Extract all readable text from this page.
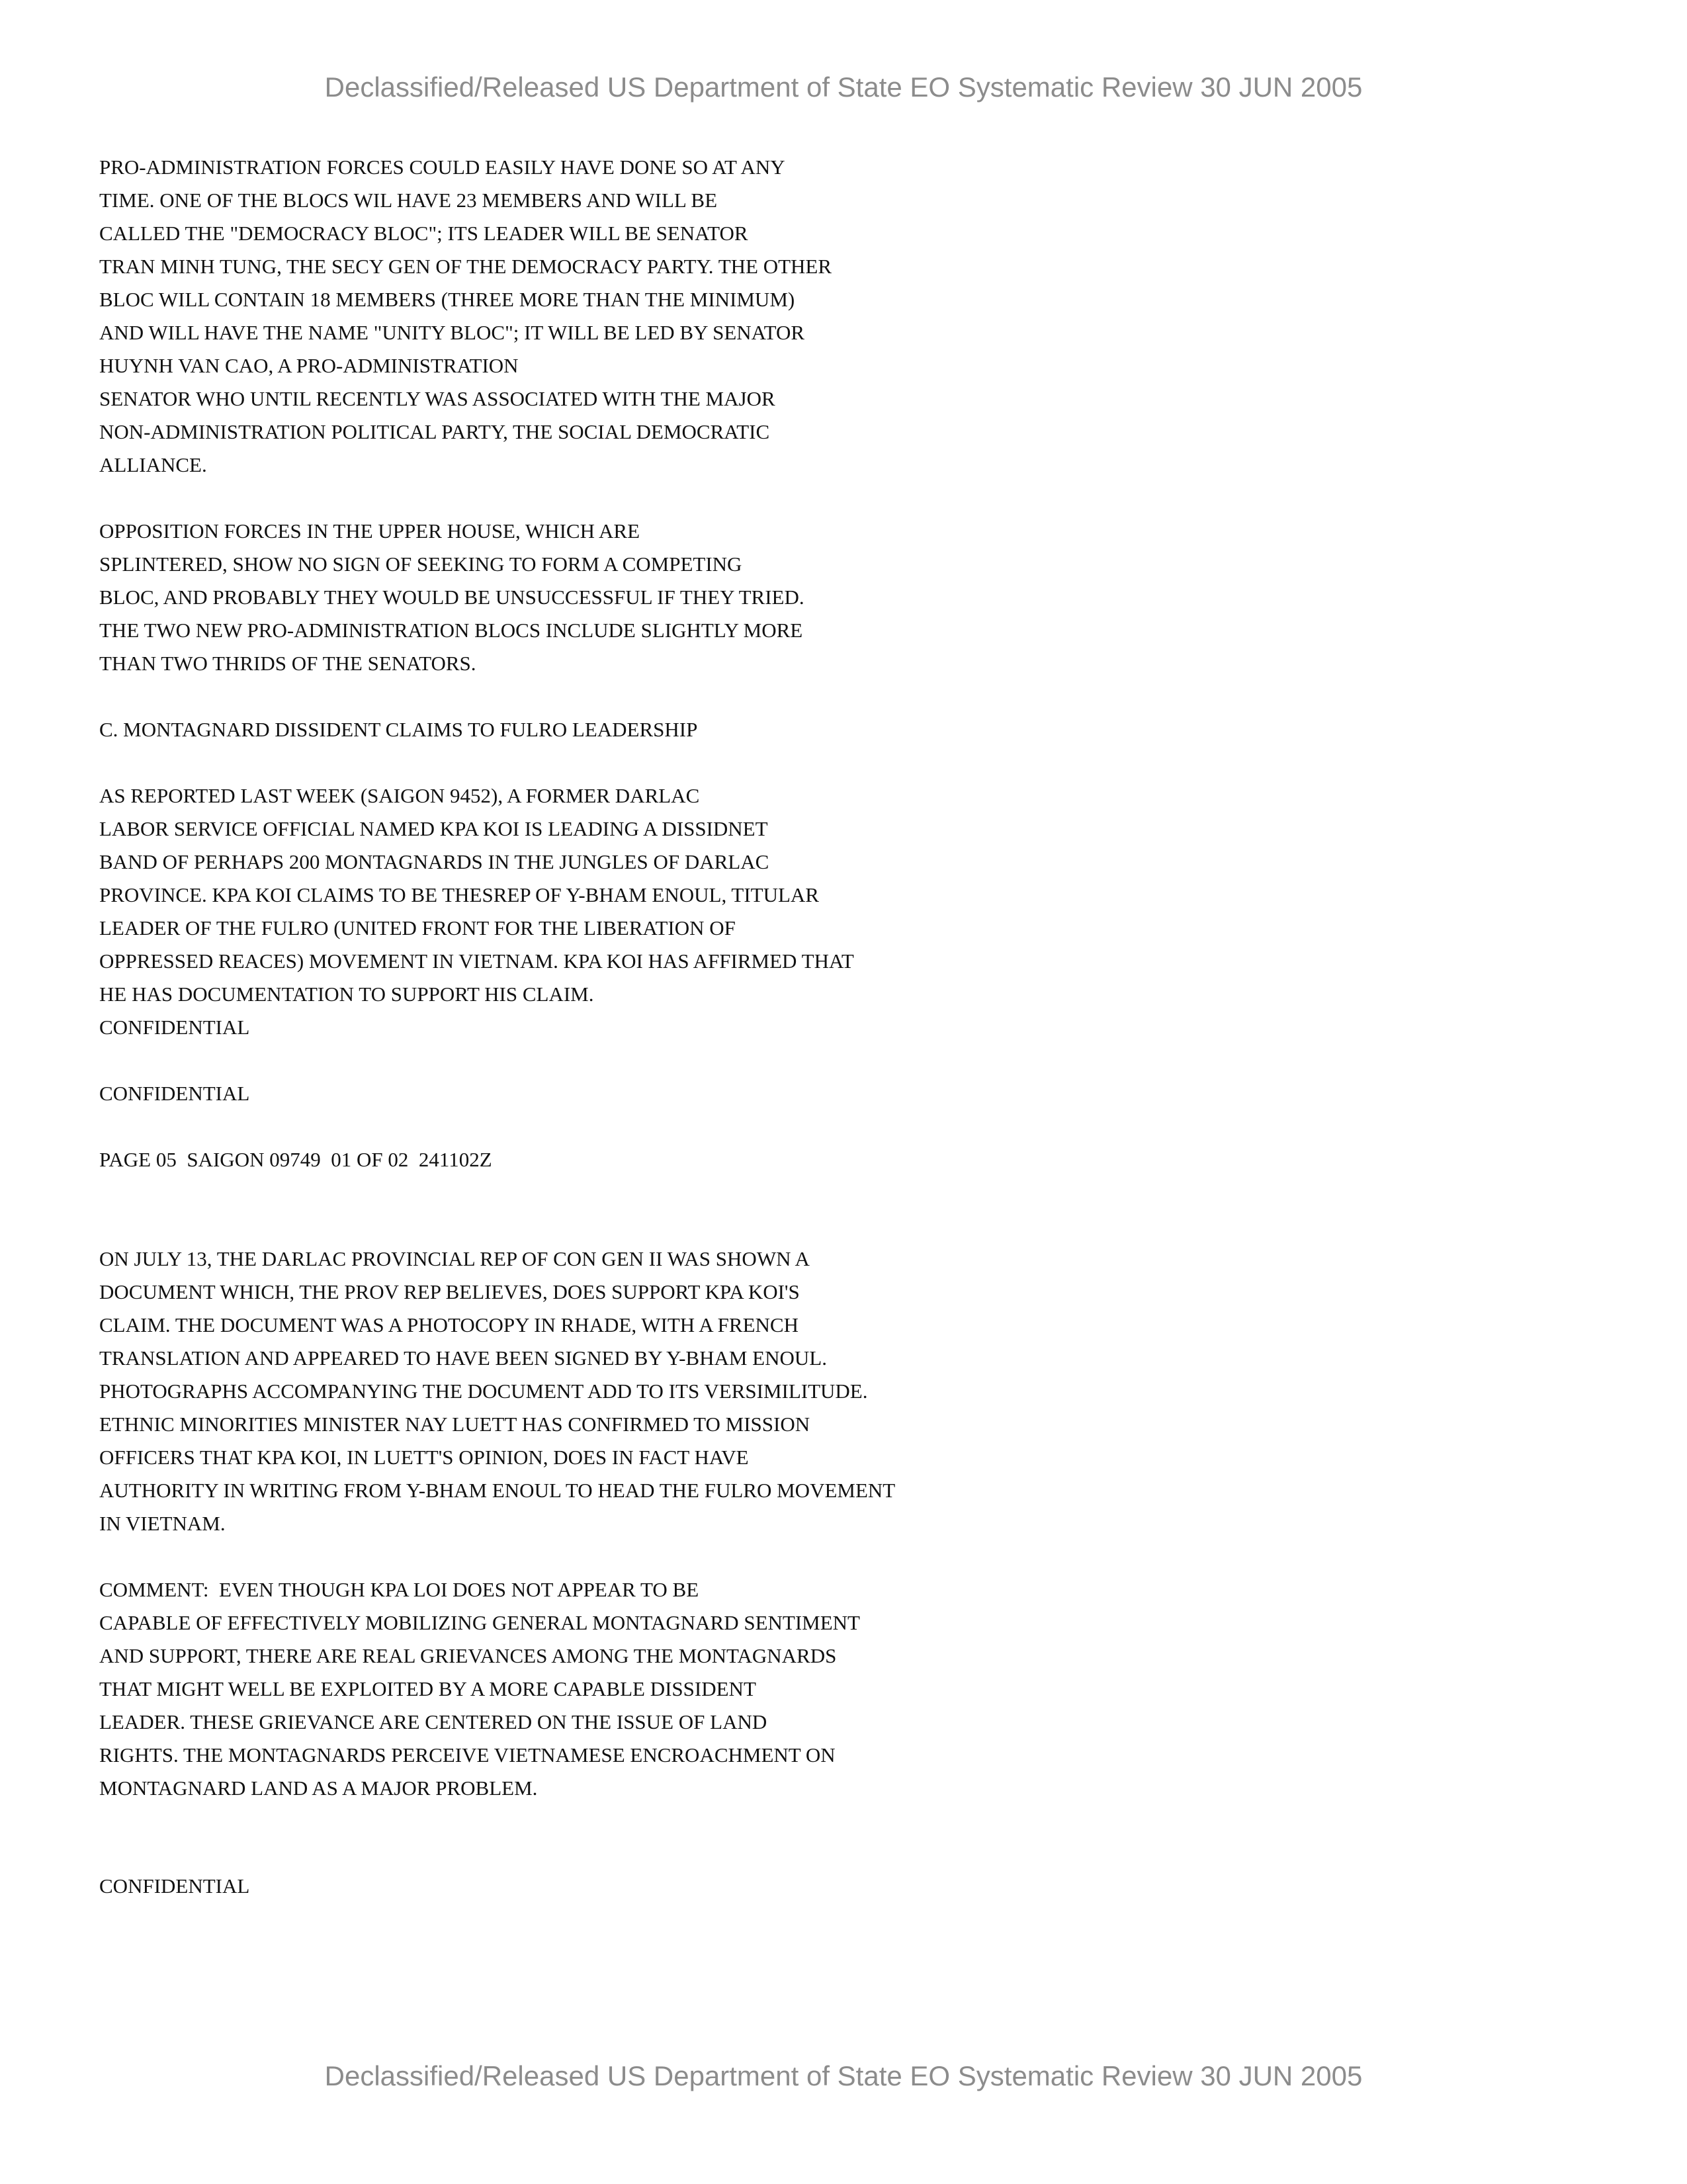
Declassified/Released US Department of State EO Systematic Review 30 JUN 2005
PRO-ADMINISTRATION FORCES COULD EASILY HAVE DONE SO AT ANY
TIME. ONE OF THE BLOCS WIL HAVE 23 MEMBERS AND WILL BE
CALLED THE "DEMOCRACY BLOC"; ITS LEADER WILL BE SENATOR
TRAN MINH TUNG, THE SECY GEN OF THE DEMOCRACY PARTY. THE OTHER
BLOC WILL CONTAIN 18 MEMBERS (THREE MORE THAN THE MINIMUM)
AND WILL HAVE THE NAME "UNITY BLOC"; IT WILL BE LED BY SENATOR
HUYNH VAN CAO, A PRO-ADMINISTRATION
SENATOR WHO UNTIL RECENTLY WAS ASSOCIATED WITH THE MAJOR
NON-ADMINISTRATION POLITICAL PARTY, THE SOCIAL DEMOCRATIC
ALLIANCE.
OPPOSITION FORCES IN THE UPPER HOUSE, WHICH ARE
SPLINTERED, SHOW NO SIGN OF SEEKING TO FORM A COMPETING
BLOC, AND PROBABLY THEY WOULD BE UNSUCCESSFUL IF THEY TRIED.
THE TWO NEW PRO-ADMINISTRATION BLOCS INCLUDE SLIGHTLY MORE
THAN TWO THRIDS OF THE SENATORS.
C. MONTAGNARD DISSIDENT CLAIMS TO FULRO LEADERSHIP
AS REPORTED LAST WEEK (SAIGON 9452), A FORMER DARLAC
LABOR SERVICE OFFICIAL NAMED KPA KOI IS LEADING A DISSIDNET
BAND OF PERHAPS 200 MONTAGNARDS IN THE JUNGLES OF DARLAC
PROVINCE. KPA KOI CLAIMS TO BE THESREP OF Y-BHAM ENOUL, TITULAR
LEADER OF THE FULRO (UNITED FRONT FOR THE LIBERATION OF
OPPRESSED REACES) MOVEMENT IN VIETNAM. KPA KOI HAS AFFIRMED THAT
HE HAS DOCUMENTATION TO SUPPORT HIS CLAIM.
CONFIDENTIAL
CONFIDENTIAL
PAGE 05  SAIGON 09749  01 OF 02  241102Z
ON JULY 13, THE DARLAC PROVINCIAL REP OF CON GEN II WAS SHOWN A
DOCUMENT WHICH, THE PROV REP BELIEVES, DOES SUPPORT KPA KOI'S
CLAIM. THE DOCUMENT WAS A PHOTOCOPY IN RHADE, WITH A FRENCH
TRANSLATION AND APPEARED TO HAVE BEEN SIGNED BY Y-BHAM ENOUL.
PHOTOGRAPHS ACCOMPANYING THE DOCUMENT ADD TO ITS VERSIMILITUDE.
ETHNIC MINORITIES MINISTER NAY LUETT HAS CONFIRMED TO MISSION
OFFICERS THAT KPA KOI, IN LUETT'S OPINION, DOES IN FACT HAVE
AUTHORITY IN WRITING FROM Y-BHAM ENOUL TO HEAD THE FULRO MOVEMENT
IN VIETNAM.
COMMENT:  EVEN THOUGH KPA LOI DOES NOT APPEAR TO BE
CAPABLE OF EFFECTIVELY MOBILIZING GENERAL MONTAGNARD SENTIMENT
AND SUPPORT, THERE ARE REAL GRIEVANCES AMONG THE MONTAGNARDS
THAT MIGHT WELL BE EXPLOITED BY A MORE CAPABLE DISSIDENT
LEADER. THESE GRIEVANCE ARE CENTERED ON THE ISSUE OF LAND
RIGHTS. THE MONTAGNARDS PERCEIVE VIETNAMESE ENCROACHMENT ON
MONTAGNARD LAND AS A MAJOR PROBLEM.
CONFIDENTIAL
Declassified/Released US Department of State EO Systematic Review 30 JUN 2005
